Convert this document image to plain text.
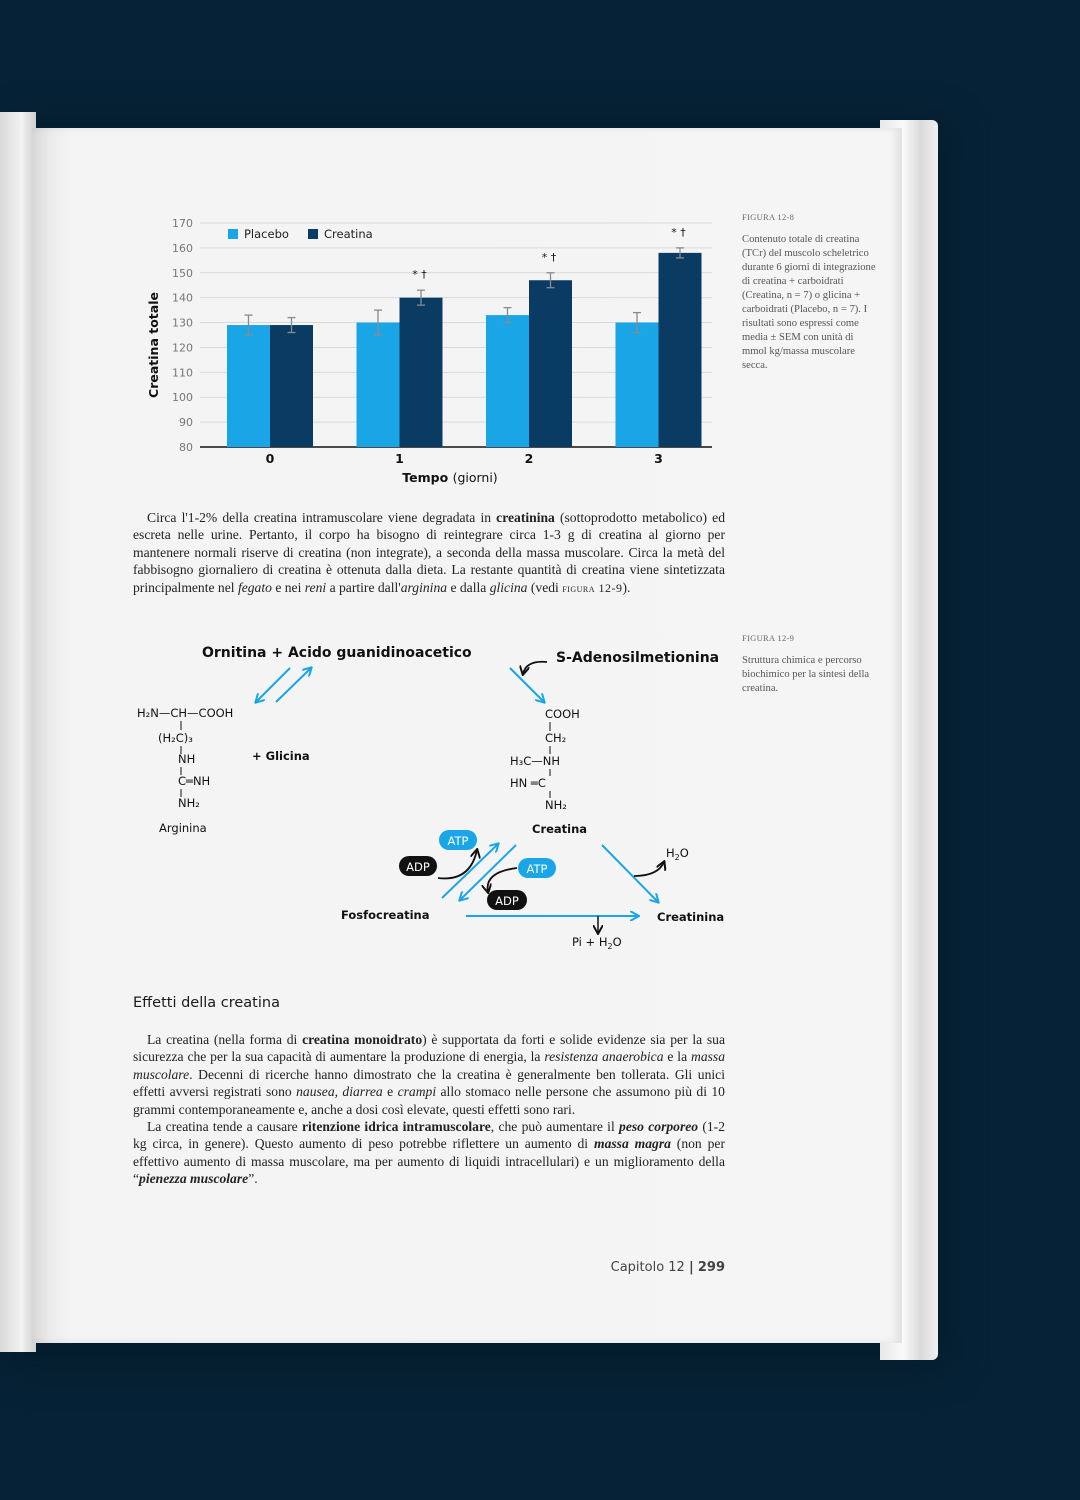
80
90
100
110
120
130
140
150
160
170
Creatina totale
Tempo (giorni)
Placebo	Creatina
0	1
* †
2
* †
3
* †
FIGURA 12-8
Contenuto totale di creatina (TCr) del muscolo scheletrico durante 6 giorni di integrazione di creatina + carboidrati (Creatina, n = 7) o glicina + carboidrati (Placebo, n = 7). I risultati sono espressi come media ± SEM con unità di mmol kg/massa muscolare secca.

Circa l'1-2% della creatina intramuscolare viene degradata in creatinina (sottoprodotto metabolico) ed escreta nelle urine. Pertanto, il corpo ha bisogno di reintegrare circa 1-3 g di creatina al giorno per mantenere normali riserve di creatina (non integrate), a seconda della massa muscolare. Circa la metà del fabbisogno giornaliero di creatina è ottenuta dalla dieta. La restante quantità di creatina viene sintetizzata principalmente nel fegato e nei reni a partire dall'arginina e dalla glicina (vedi figura 12-9).

FIGURA 12-9
Struttura chimica e percorso biochimico per la sintesi della creatina.
Ornitina + Acido guanidinoacetico	S-Adenosilmetionina
H₂N—CH—COOH
(H₂C)₃
NH
C═NH
NH₂
+ Glicina
Arginina
COOH
CH₂
H₃C—NH
HN ═C
NH₂
Creatina
ATP
ADP	ATP
ADP
Fosfocreatina
$Pi + H_2O$
$H_2O$
Creatinina
Effetti della creatina

La creatina (nella forma di creatina monoidrato) è supportata da forti e solide evidenze sia per la sua sicurezza che per la sua capacità di aumentare la produzione di energia, la resistenza anaerobica e la massa muscolare. Decenni di ricerche hanno dimostrato che la creatina è generalmente ben tollerata. Gli unici effetti avversi registrati sono nausea, diarrea e crampi allo stomaco nelle persone che assumono più di 10 grammi contemporaneamente e, anche a dosi così elevate, questi effetti sono rari.

La creatina tende a causare ritenzione idrica intramuscolare, che può aumentare il peso corporeo (1-2 kg circa, in genere). Questo aumento di peso potrebbe riflettere un aumento di massa magra (non per effettivo aumento di massa muscolare, ma per aumento di liquidi intracellulari) e un miglioramento della “pienezza muscolare”.

Capitolo 12 | 299
